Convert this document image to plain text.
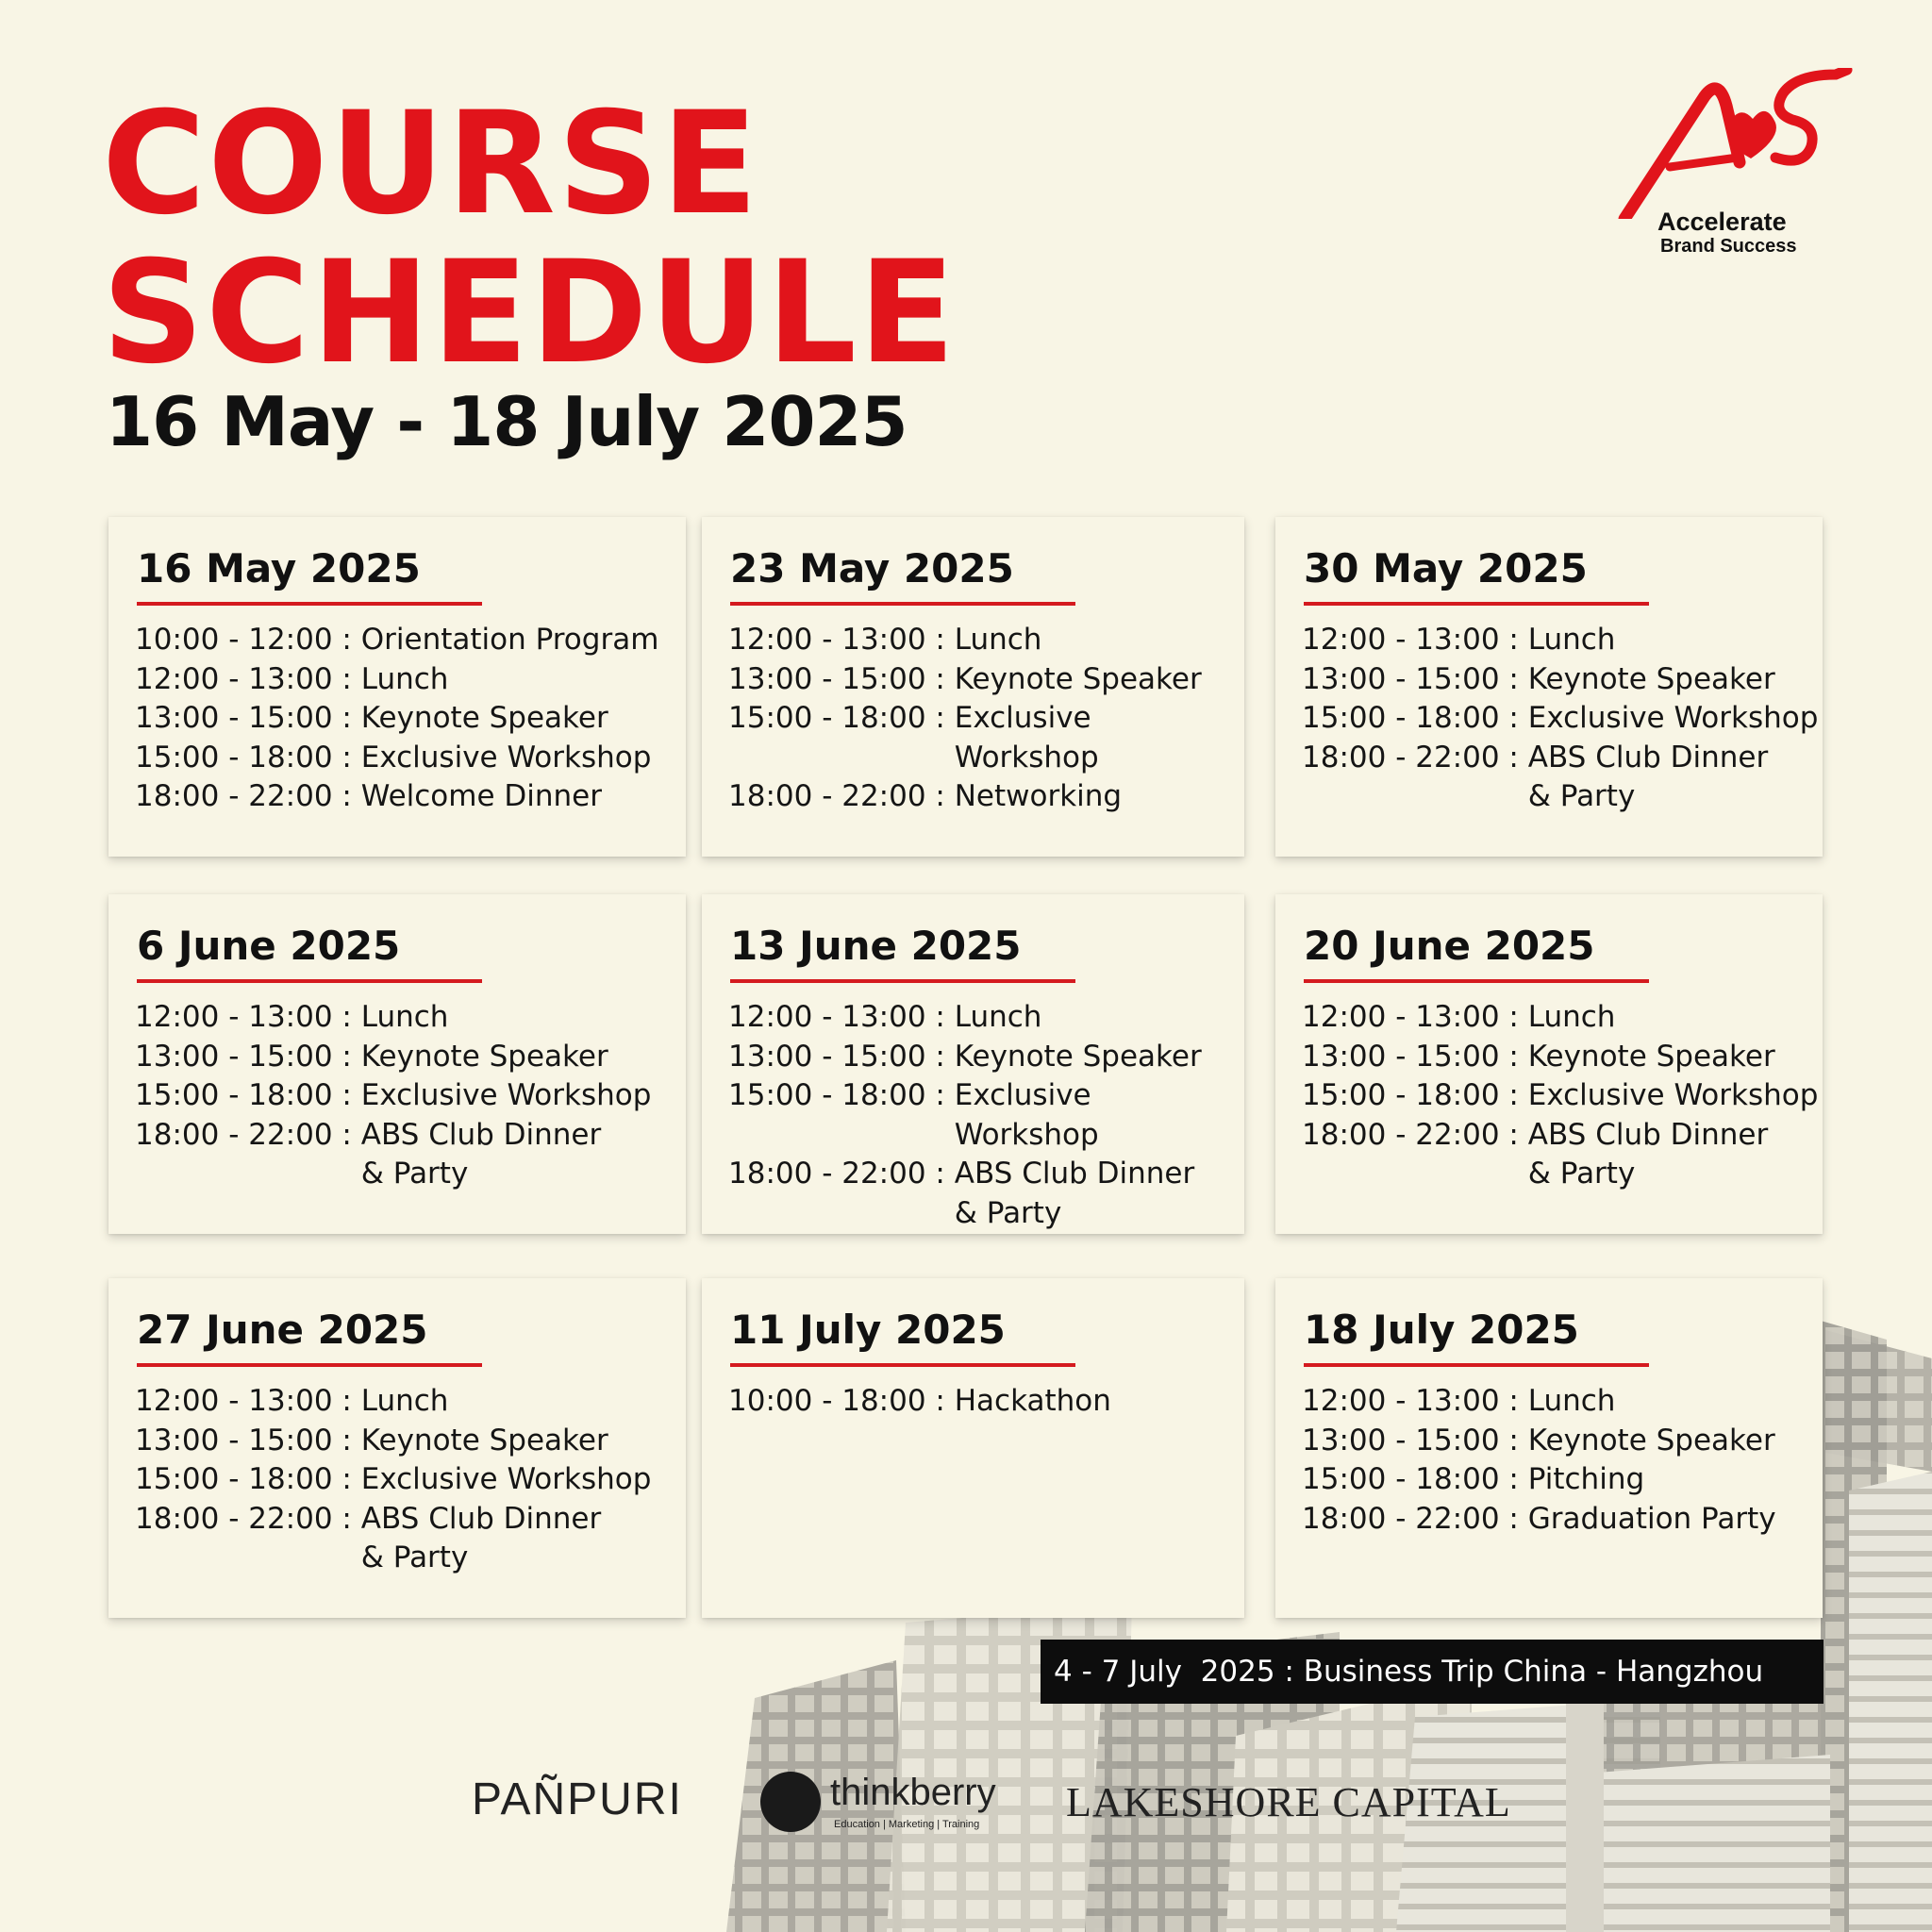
COURSE
SCHEDULE
16 May - 18 July 2025
Accelerate
Brand Success
16 May 2025
10:00 - 12:00 :
Orientation Program
12:00 - 13:00 :
Lunch
13:00 - 15:00 :
Keynote Speaker
15:00 - 18:00 :
Exclusive Workshop
18:00 - 22:00 :
Welcome Dinner
23 May 2025
12:00 - 13:00 :
Lunch
13:00 - 15:00 :
Keynote Speaker
15:00 - 18:00 :
Exclusive Workshop
18:00 - 22:00 :
Networking
30 May 2025
12:00 - 13:00 :
Lunch
13:00 - 15:00 :
Keynote Speaker
15:00 - 18:00 :
Exclusive Workshop
18:00 - 22:00 :
ABS Club Dinner
& Party
6 June 2025
12:00 - 13:00 :
Lunch
13:00 - 15:00 :
Keynote Speaker
15:00 - 18:00 :
Exclusive Workshop
18:00 - 22:00 :
ABS Club Dinner
& Party
13 June 2025
12:00 - 13:00 :
Lunch
13:00 - 15:00 :
Keynote Speaker
15:00 - 18:00 :
Exclusive Workshop
18:00 - 22:00 :
ABS Club Dinner
& Party
20 June 2025
12:00 - 13:00 :
Lunch
13:00 - 15:00 :
Keynote Speaker
15:00 - 18:00 :
Exclusive Workshop
18:00 - 22:00 :
ABS Club Dinner
& Party
27 June 2025
12:00 - 13:00 :
Lunch
13:00 - 15:00 :
Keynote Speaker
15:00 - 18:00 :
Exclusive Workshop
18:00 - 22:00 :
ABS Club Dinner
& Party
11 July 2025
10:00 - 18:00 :
Hackathon
18 July 2025
12:00 - 13:00 :
Lunch
13:00 - 15:00 :
Keynote Speaker
15:00 - 18:00 :
Pitching
18:00 - 22:00 :
Graduation Party
4 - 7 July  2025 : Business Trip China - Hangzhou
PAÑPURI	thinkberry
Education | Marketing | Training LAKESHORE CAPITAL
